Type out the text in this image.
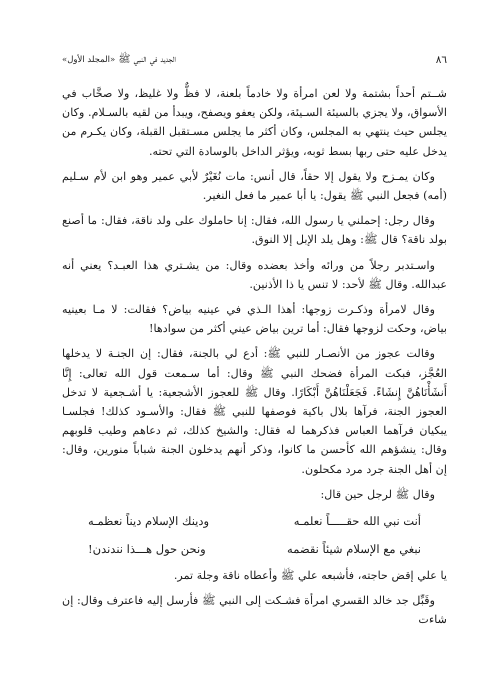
الجديد في النبي ﷺ «المجلد الأول»	٨٦

شــتم أحداً بشتمة ولا لعن امرأة ولا خادماً بلعنة، لا فظٌّ ولا غليظ، ولا صخَّاب في الأسواق، ولا يجزي بالسيئة السـيئة، ولكن يعفو ويصفح، ويبدأ من لقيه بالسـلام. وكان يجلس حيث ينتهي به المجلس، وكان أكثر ما يجلس مسـتقبل القبلة، وكان يكـرم من يدخل عليه حتى ربها بسط ثوبه، ويؤثر الداخل بالوسادة التي تحته.

وكان يمـزح ولا يقول إلا حقاً، قال أنس: مات نُغَيْرٌ لأبي عمير وهو ابن لأم سـليم (أمه) فجعل النبي ﷺ يقول: يا أبا عمير ما فعل النغير.

وقال رجل: إحملني يا رسول الله، فقال: إنا حاملوك على ولد ناقة، فقال: ما أصنع بولد ناقة؟ قال ﷺ: وهل يلد الإبل إلا النوق.

واسـتدبر رجلاً من ورائه وأخذ بعضده وقال: من يشـتري هذا العبـد؟ يعني أنه عبدالله. وقال ﷺ لأحد: لا تنس يا ذا الأذنين.

وقال لامرأة وذكـرت زوجها: أهذا الـذي في عينيه بياض؟ فقالت: لا مـا بعينيه بياض، وحكت لزوجها فقال: أما ترين بياض عيني أكثر من سوادها!

وقالت عجوز من الأنصـار للنبي ﷺ: أدع لي بالجنة، فقال: إن الجنـة لا يدخلها العُجَّز، فبكت المرأة فضحك النبي ﷺ وقال: أما سـمعت قول الله تعالى: إِنَّا أَنشَأْنَاهُنَّ إِنشَاءً. فَجَعَلْنَاهُنَّ أَبْكَارًا. وقال ﷺ للعجوز الأشجعية: يا أشـجعية لا تدخل العجوز الجنة، فرآها بلال باكية فوصفها للنبي ﷺ فقال: والأسـود كذلك! فجلسـا يبكيان فرآهما العباس فذكرهما له فقال: والشيخ كذلك، ثم دعاهم وطيب قلوبهم وقال: ينشؤهم الله كأحسن ما كانوا، وذكر أنهم يدخلون الجنة شباباً منورين، وقال: إن أهل الجنة جرد مرد مكحلون.

وقال ﷺ لرجل حين قال:

أنت نبي الله حقـــــاً نعلمـه
ودينك الإسلام ديناً نعظمـه
نبغي مع الإسلام شيئاً نقضمه
ونحن حول هـــذا نندندن!

يا علي إقض حاجته، فأشبعه علي ﷺ وأعطاه ناقة وجلة تمر.

وقَبِّل جد خالد القسري امرأة فشـكت إلى النبي ﷺ فأرسل إليه فاعترف وقال: إن شاءت
